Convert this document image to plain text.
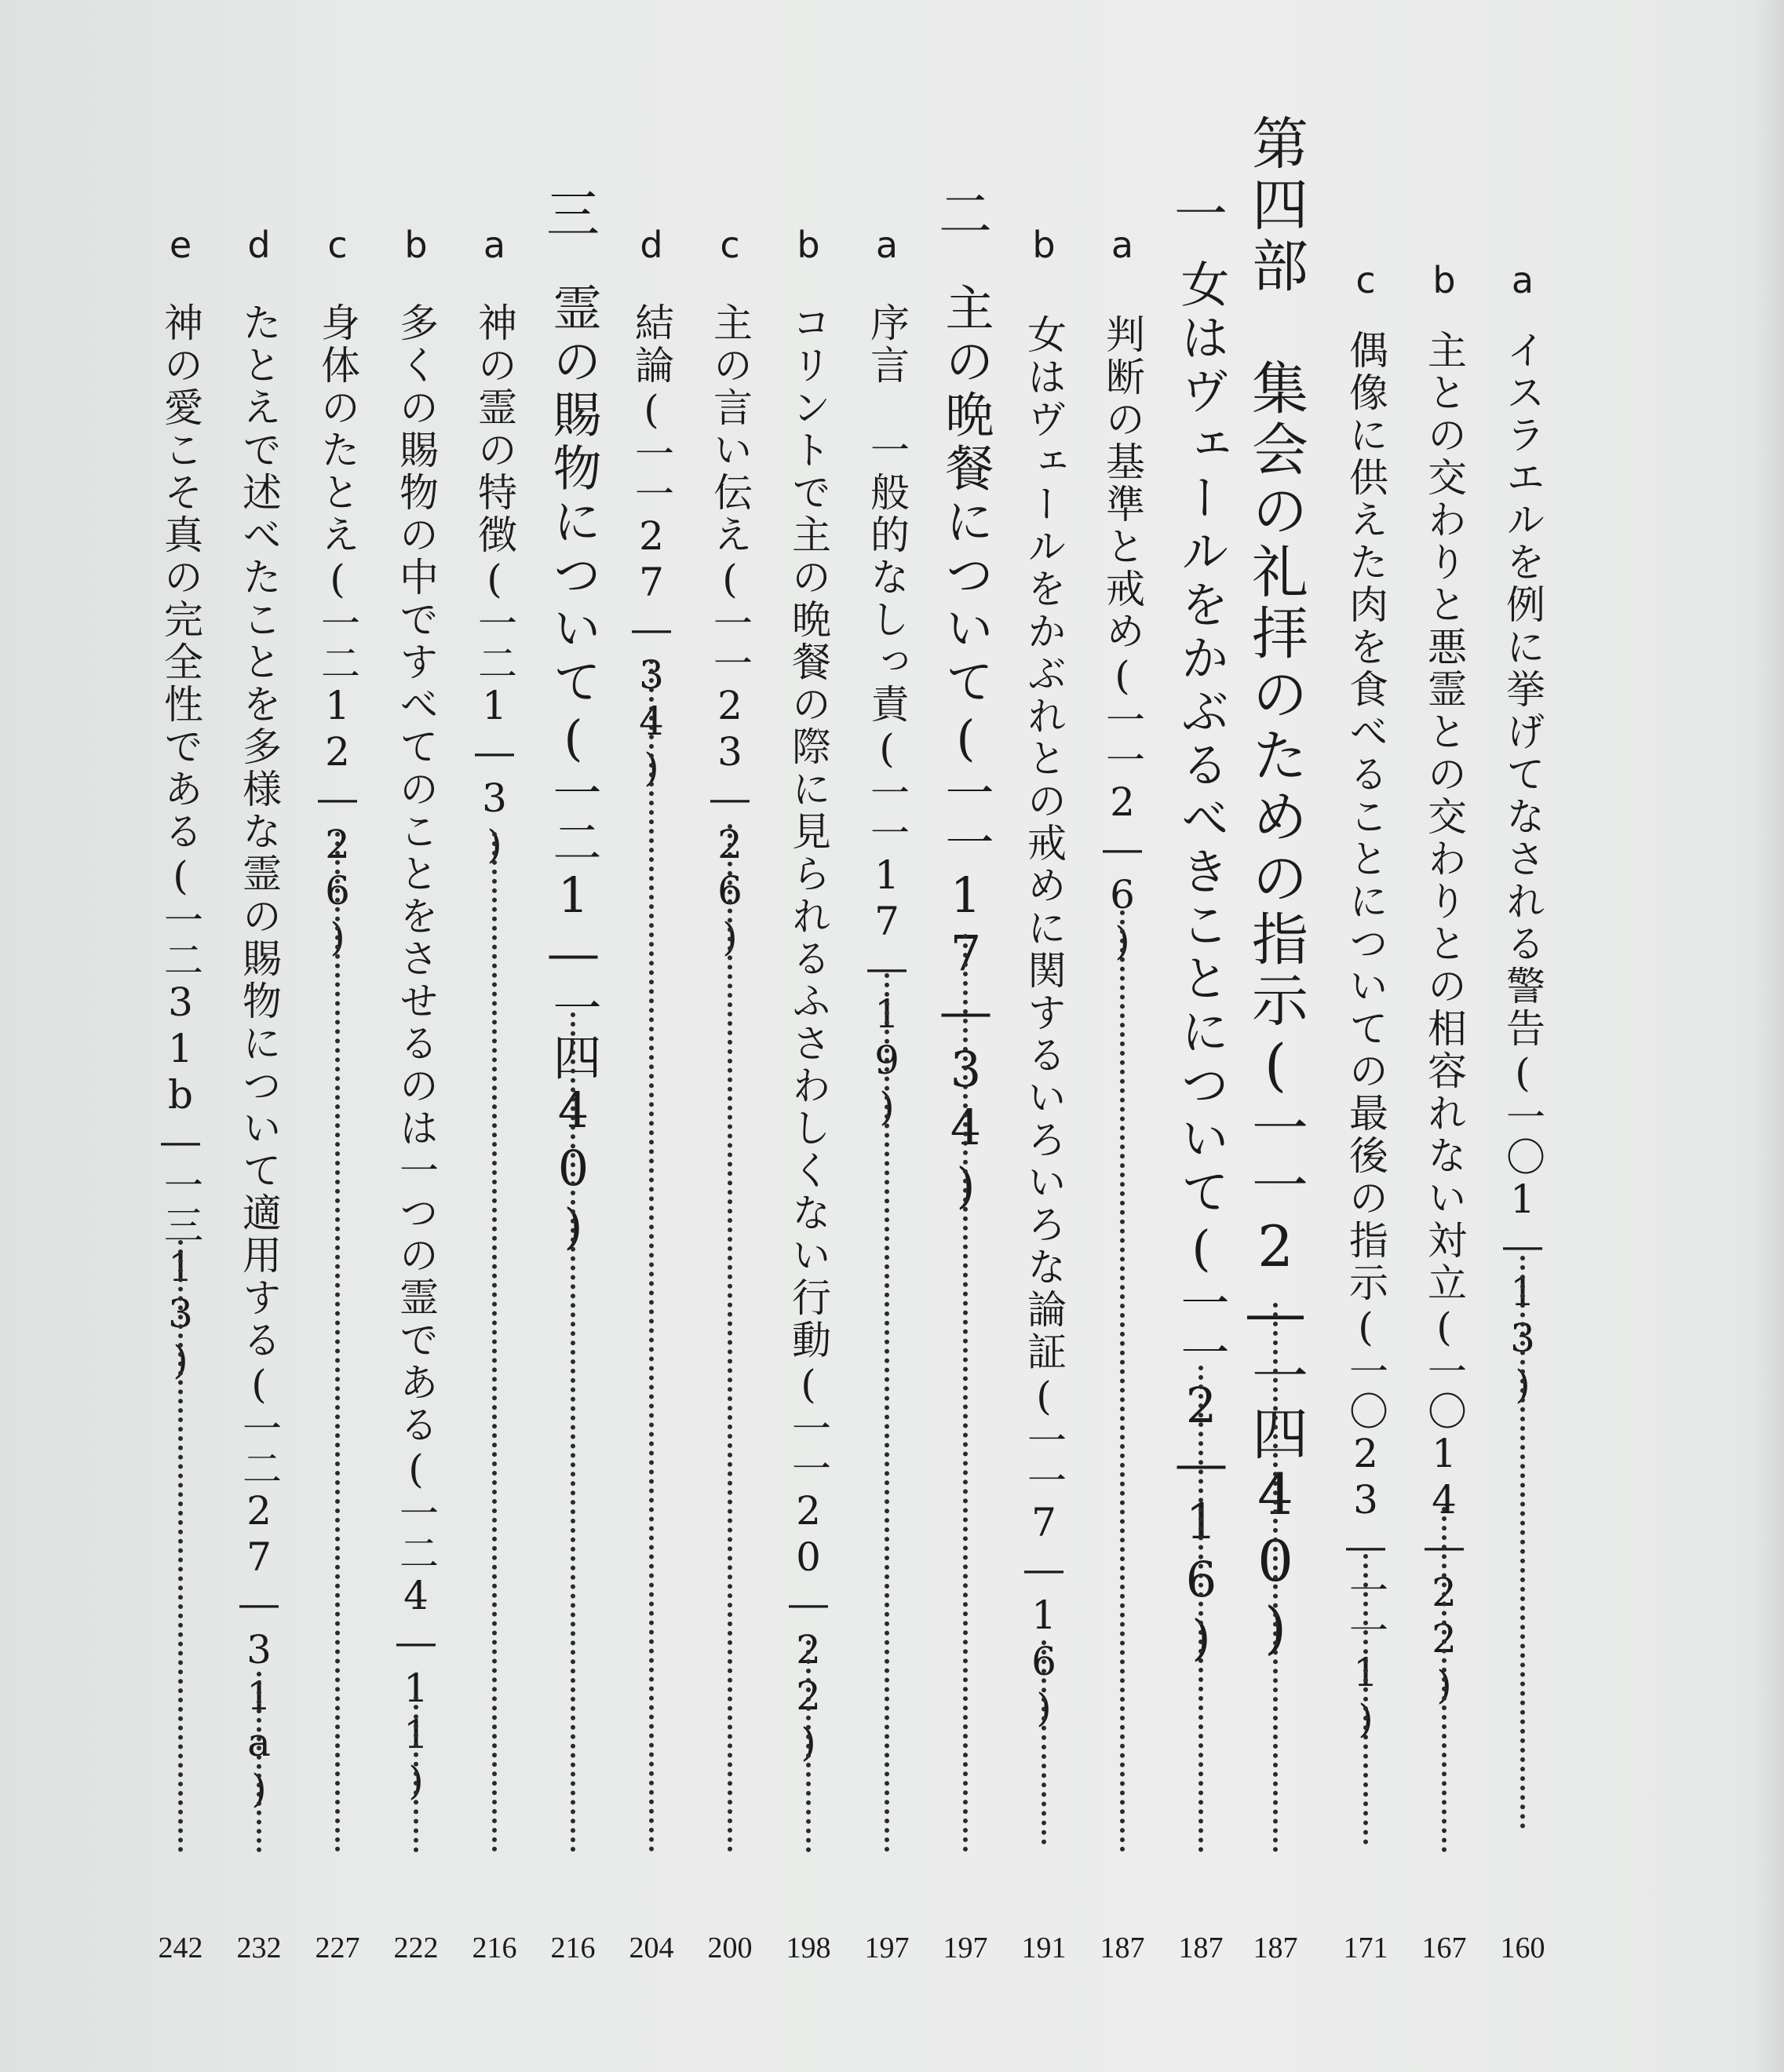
a
イスラエルを例に挙げてなされる警告(一〇1―13)
160
b
主との交わりと悪霊との交わりとの相容れない対立(一〇14―22)
167
c
偶像に供えた肉を食べることについての最後の指示(一〇23―一一1)
171
第四部　集会の礼拝のための指示(一一2―一四40)
187
一
女はヴェールをかぶるべきことについて(一一2―16)
187
a
判断の基準と戒め(一一2―6)
187
b
女はヴェールをかぶれとの戒めに関するいろいろな論証(一一7―16)
191
二
主の晩餐について(一一17―34)
197
a
序言　一般的なしっ責(一一17―19)
197
b
コリントで主の晩餐の際に見られるふさわしくない行動(一一20―22)
198
c
主の言い伝え(一一23―26)
200
d
結論(一一27―34)
204
三
霊の賜物について(一二1―一四40)
216
a
神の霊の特徴(一二1―3)
216
b
多くの賜物の中ですべてのことをさせるのは一つの霊である(一二4―11)
222
c
身体のたとえ(一二12―26)
227
d
たとえで述べたことを多様な霊の賜物について適用する(一二27―31a)
232
e
神の愛こそ真の完全性である(一二31b―一三13)
242
